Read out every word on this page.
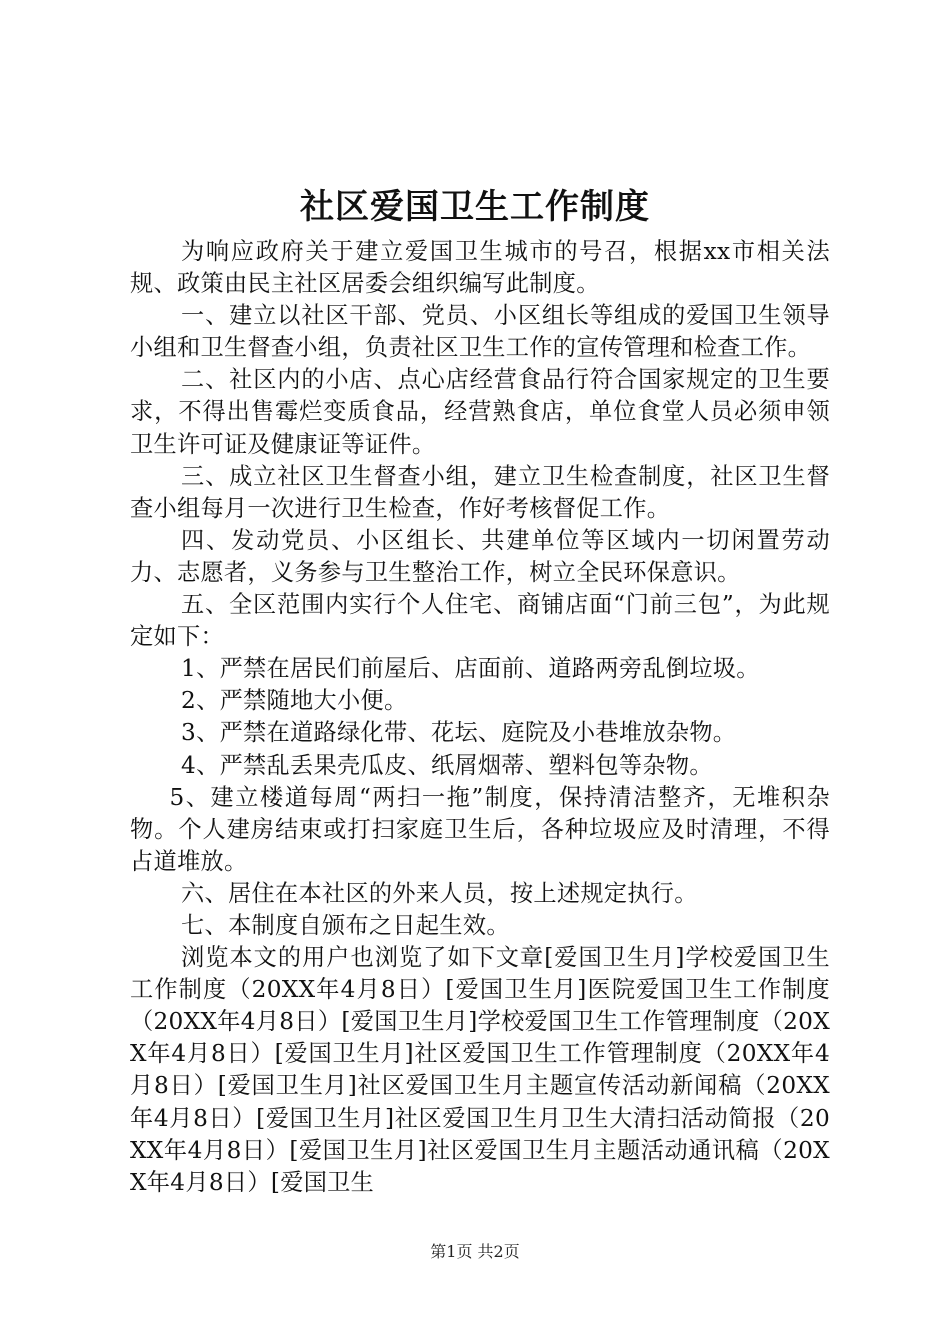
社区爱国卫生工作制度

为响应政府关于建立爱国卫生城市的号召，根据xx市相关法规、政策由民主社区居委会组织编写此制度。

一、建立以社区干部、党员、小区组长等组成的爱国卫生领导小组和卫生督查小组，负责社区卫生工作的宣传管理和检查工作。

二、社区内的小店、点心店经营食品行符合国家规定的卫生要求，不得出售霉烂变质食品，经营熟食店，单位食堂人员必须申领卫生许可证及健康证等证件。

三、成立社区卫生督查小组，建立卫生检查制度，社区卫生督查小组每月一次进行卫生检查，作好考核督促工作。

四、发动党员、小区组长、共建单位等区域内一切闲置劳动力、志愿者，义务参与卫生整治工作，树立全民环保意识。

五、全区范围内实行个人住宅、商铺店面“门前三包”，为此规定如下：

1、严禁在居民们前屋后、店面前、道路两旁乱倒垃圾。

2、严禁随地大小便。

3、严禁在道路绿化带、花坛、庭院及小巷堆放杂物。

4、严禁乱丢果壳瓜皮、纸屑烟蒂、塑料包等杂物。

5、建立楼道每周“两扫一拖”制度，保持清洁整齐，无堆积杂物。个人建房结束或打扫家庭卫生后，各种垃圾应及时清理，不得占道堆放。

六、居住在本社区的外来人员，按上述规定执行。

七、本制度自颁布之日起生效。

浏览本文的用户也浏览了如下文章[爱国卫生月]学校爱国卫生工作制度（20XX年4月8日）[爱国卫生月]医院爱国卫生工作制度（20XX年4月8日）[爱国卫生月]学校爱国卫生工作管理制度（20XX年4月8日）[爱国卫生月]社区爱国卫生工作管理制度（20XX年4月8日）[爱国卫生月]社区爱国卫生月主题宣传活动新闻稿（20XX年4月8日）[爱国卫生月]社区爱国卫生月卫生大清扫活动简报（20XX年4月8日）[爱国卫生月]社区爱国卫生月主题活动通讯稿（20XX年4月8日）[爱国卫生

第1页 共2页
